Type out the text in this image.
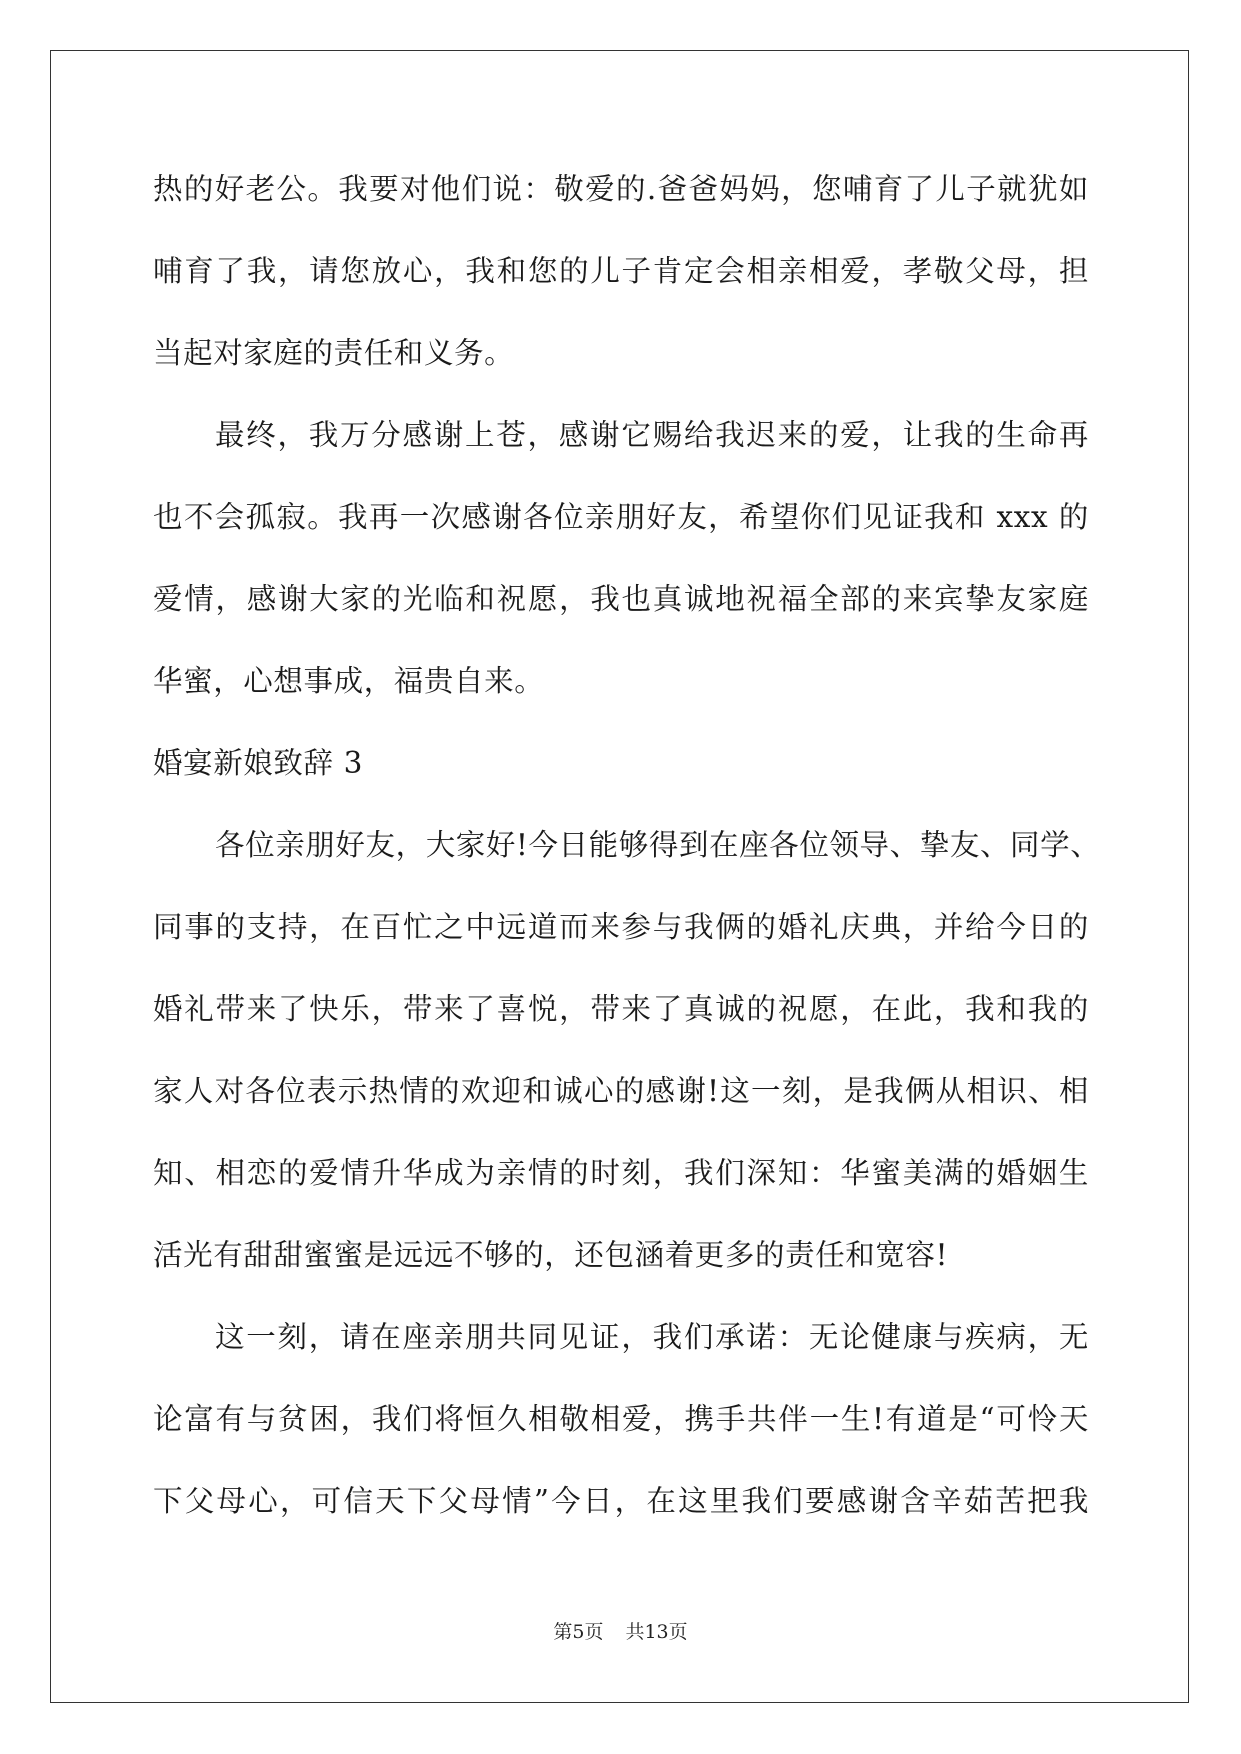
热的好老公。我要对他们说：敬爱的.爸爸妈妈，您哺育了儿子就犹如
哺育了我，请您放心，我和您的儿子肯定会相亲相爱，孝敬父母，担
当起对家庭的责任和义务。
最终，我万分感谢上苍，感谢它赐给我迟来的爱，让我的生命再
也不会孤寂。我再一次感谢各位亲朋好友，希望你们见证我和 xxx 的
爱情，感谢大家的光临和祝愿，我也真诚地祝福全部的来宾挚友家庭
华蜜，心想事成，福贵自来。
婚宴新娘致辞 3
各位亲朋好友，大家好!今日能够得到在座各位领导、挚友、同学、
同事的支持，在百忙之中远道而来参与我俩的婚礼庆典，并给今日的
婚礼带来了快乐，带来了喜悦，带来了真诚的祝愿，在此，我和我的
家人对各位表示热情的欢迎和诚心的感谢!这一刻，是我俩从相识、相
知、相恋的爱情升华成为亲情的时刻，我们深知：华蜜美满的婚姻生
活光有甜甜蜜蜜是远远不够的，还包涵着更多的责任和宽容!
这一刻，请在座亲朋共同见证，我们承诺：无论健康与疾病，无
论富有与贫困，我们将恒久相敬相爱，携手共伴一生!有道是“可怜天
下父母心，可信天下父母情”今日，在这里我们要感谢含辛茹苦把我
第5页 共13页
